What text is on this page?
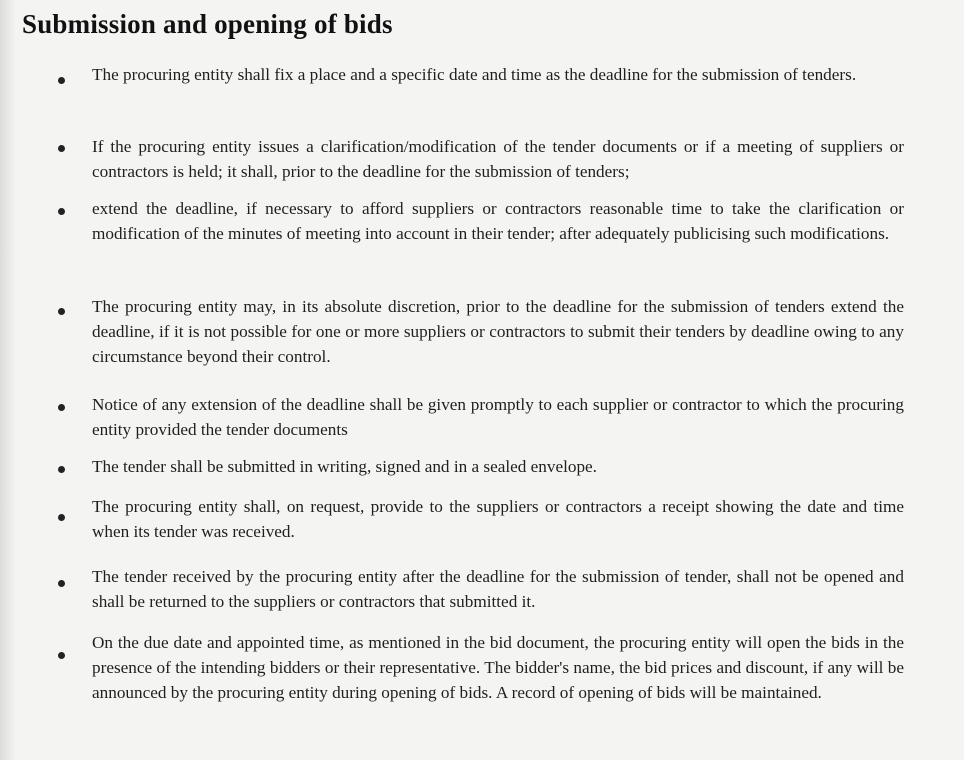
Submission and opening of bids

The procuring entity shall fix a place and a specific date and time as the deadline for the submission of tenders.

If the procuring entity issues a clarification/modification of the tender documents or if a meeting of suppliers or contractors is held; it shall, prior to the deadline for the submission of tenders;

extend the deadline, if necessary to afford suppliers or contractors reasonable time to take the clarification or modification of the minutes of meeting into account in their tender; after adequately publicising such modifications.

The procuring entity may, in its absolute discretion, prior to the deadline for the submission of tenders extend the deadline, if it is not possible for one or more suppliers or contractors to submit their tenders by deadline owing to any circumstance beyond their control.

Notice of any extension of the deadline shall be given promptly to each supplier or contractor to which the procuring entity provided the tender documents

The tender shall be submitted in writing, signed and in a sealed envelope.

The procuring entity shall, on request, provide to the suppliers or contractors a receipt showing the date and time when its tender was received.

The tender received by the procuring entity after the deadline for the submission of tender, shall not be opened and shall be returned to the suppliers or contractors that submitted it.

On the due date and appointed time, as mentioned in the bid document, the procuring entity will open the bids in the presence of the intending bidders or their representative. The bidder's name, the bid prices and discount, if any will be announced by the procuring entity during opening of bids. A record of opening of bids will be maintained.
